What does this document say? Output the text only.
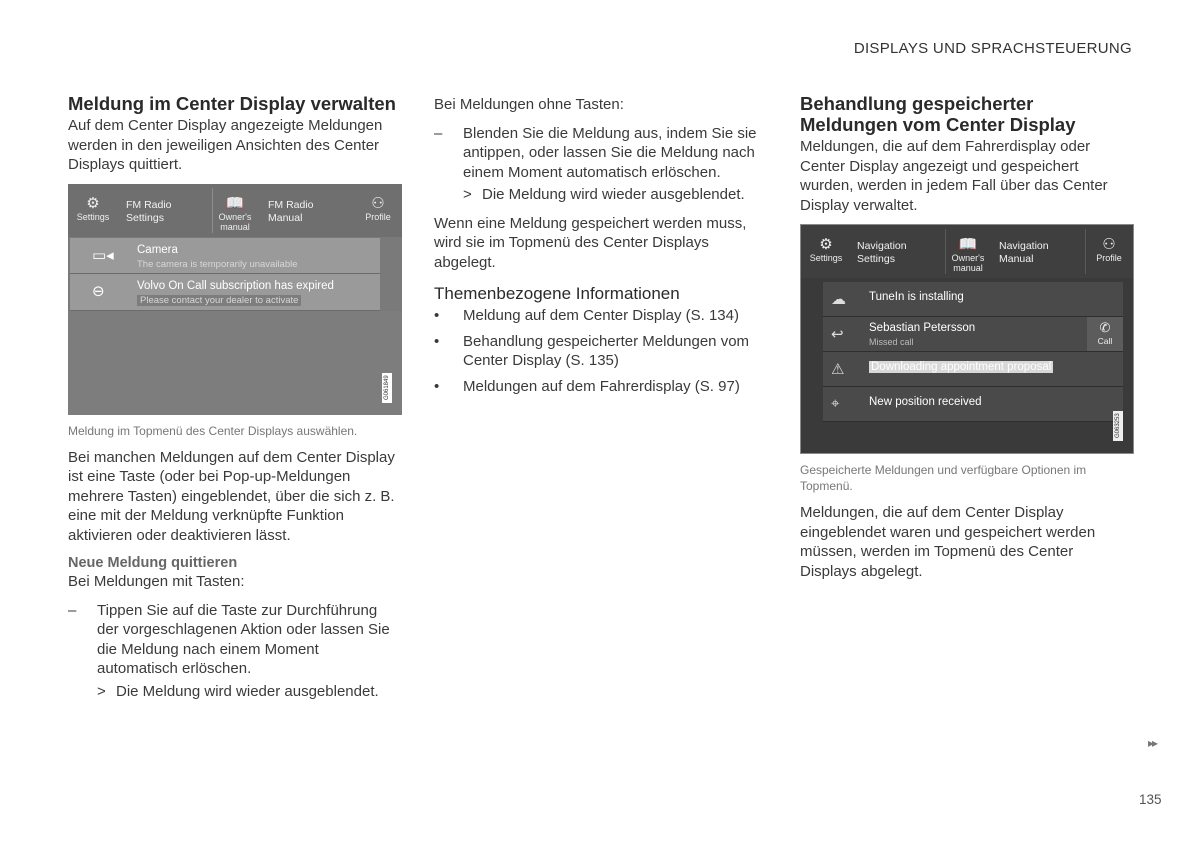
DISPLAYS UND SPRACHSTEUERUNG
Meldung im Center Display verwalten

Auf dem Center Display angezeigte Meldungen werden in den jeweiligen Ansichten des Center Displays quittiert.

⚙
Settings
FM Radio
Settings
📖
Owner's manual
FM Radio
Manual
⚇
Profile
▭◂ Camera
The camera is temporarily unavailable
⊖	Volvo On Call subscription has expired
Please contact your dealer to activate
G061849
Meldung im Topmenü des Center Displays auswählen.

Bei manchen Meldungen auf dem Center Display ist eine Taste (oder bei Pop-up-Meldungen mehrere Tasten) eingeblendet, über die sich z. B. eine mit der Meldung verknüpfte Funktion aktivieren oder deaktivieren lässt.

Neue Meldung quittieren

Bei Meldungen mit Tasten:

– Tippen Sie auf die Taste zur Durchführung der vorgeschlagenen Aktion oder lassen Sie die Meldung nach einem Moment automatisch erlöschen.
> Die Meldung wird wieder ausgeblendet.

Bei Meldungen ohne Tasten:

– Blenden Sie die Meldung aus, indem Sie sie antippen, oder lassen Sie die Meldung nach einem Moment automatisch erlöschen.
> Die Meldung wird wieder ausgeblendet.

Wenn eine Meldung gespeichert werden muss, wird sie im Topmenü des Center Displays abgelegt.

Themenbezogene Informationen
• Meldung auf dem Center Display (S. 134)
• Behandlung gespeicherter Meldungen vom Center Display (S. 135)
• Meldungen auf dem Fahrerdisplay (S. 97)
Behandlung gespeicherter Meldungen vom Center Display

Meldungen, die auf dem Fahrerdisplay oder Center Display angezeigt und gespeichert wurden, werden in jedem Fall über das Center Display verwaltet.

⚙
Settings
Navigation
Settings
📖
Owner's manual
Navigation
Manual
⚇
Profile
☁ TuneIn is installing
↩ Sebastian Petersson
Missed call
✆
Call
⚠ Downloading appointment proposal
⌖	New position received
G063253
Gespeicherte Meldungen und verfügbare Optionen im Topmenü.

Meldungen, die auf dem Center Display eingeblendet waren und gespeichert werden müssen, werden im Topmenü des Center Displays abgelegt.

▸▸
135
